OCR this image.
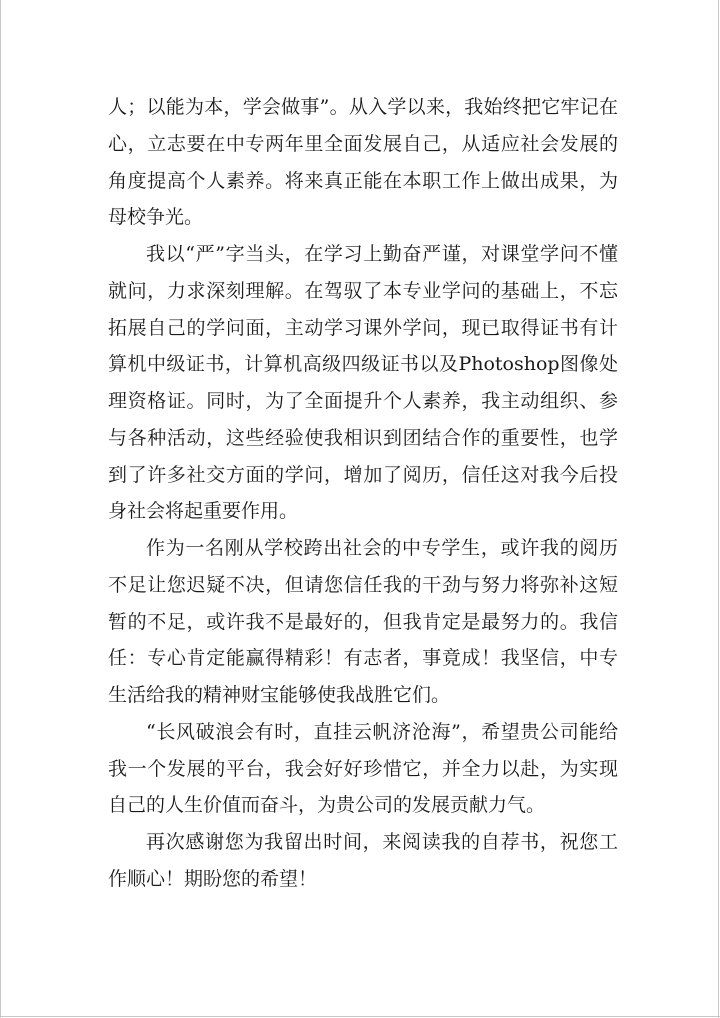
人；以能为本，学会做事”。从入学以来，我始终把它牢记在心，立志要在中专两年里全面发展自己，从适应社会发展的角度提高个人素养。将来真正能在本职工作上做出成果，为母校争光。

我以“严”字当头，在学习上勤奋严谨，对课堂学问不懂就问，力求深刻理解。在驾驭了本专业学问的基础上，不忘拓展自己的学问面，主动学习课外学问，现已取得证书有计算机中级证书，计算机高级四级证书以及Photoshop图像处理资格证。同时，为了全面提升个人素养，我主动组织、参与各种活动，这些经验使我相识到团结合作的重要性，也学到了许多社交方面的学问，增加了阅历，信任这对我今后投身社会将起重要作用。

作为一名刚从学校跨出社会的中专学生，或许我的阅历不足让您迟疑不决，但请您信任我的干劲与努力将弥补这短暂的不足，或许我不是最好的，但我肯定是最努力的。我信任：专心肯定能赢得精彩！有志者，事竟成！我坚信，中专生活给我的精神财宝能够使我战胜它们。

“长风破浪会有时，直挂云帆济沧海”，希望贵公司能给我一个发展的平台，我会好好珍惜它，并全力以赴，为实现自己的人生价值而奋斗，为贵公司的发展贡献力气。

再次感谢您为我留出时间，来阅读我的自荐书，祝您工作顺心！期盼您的希望！
